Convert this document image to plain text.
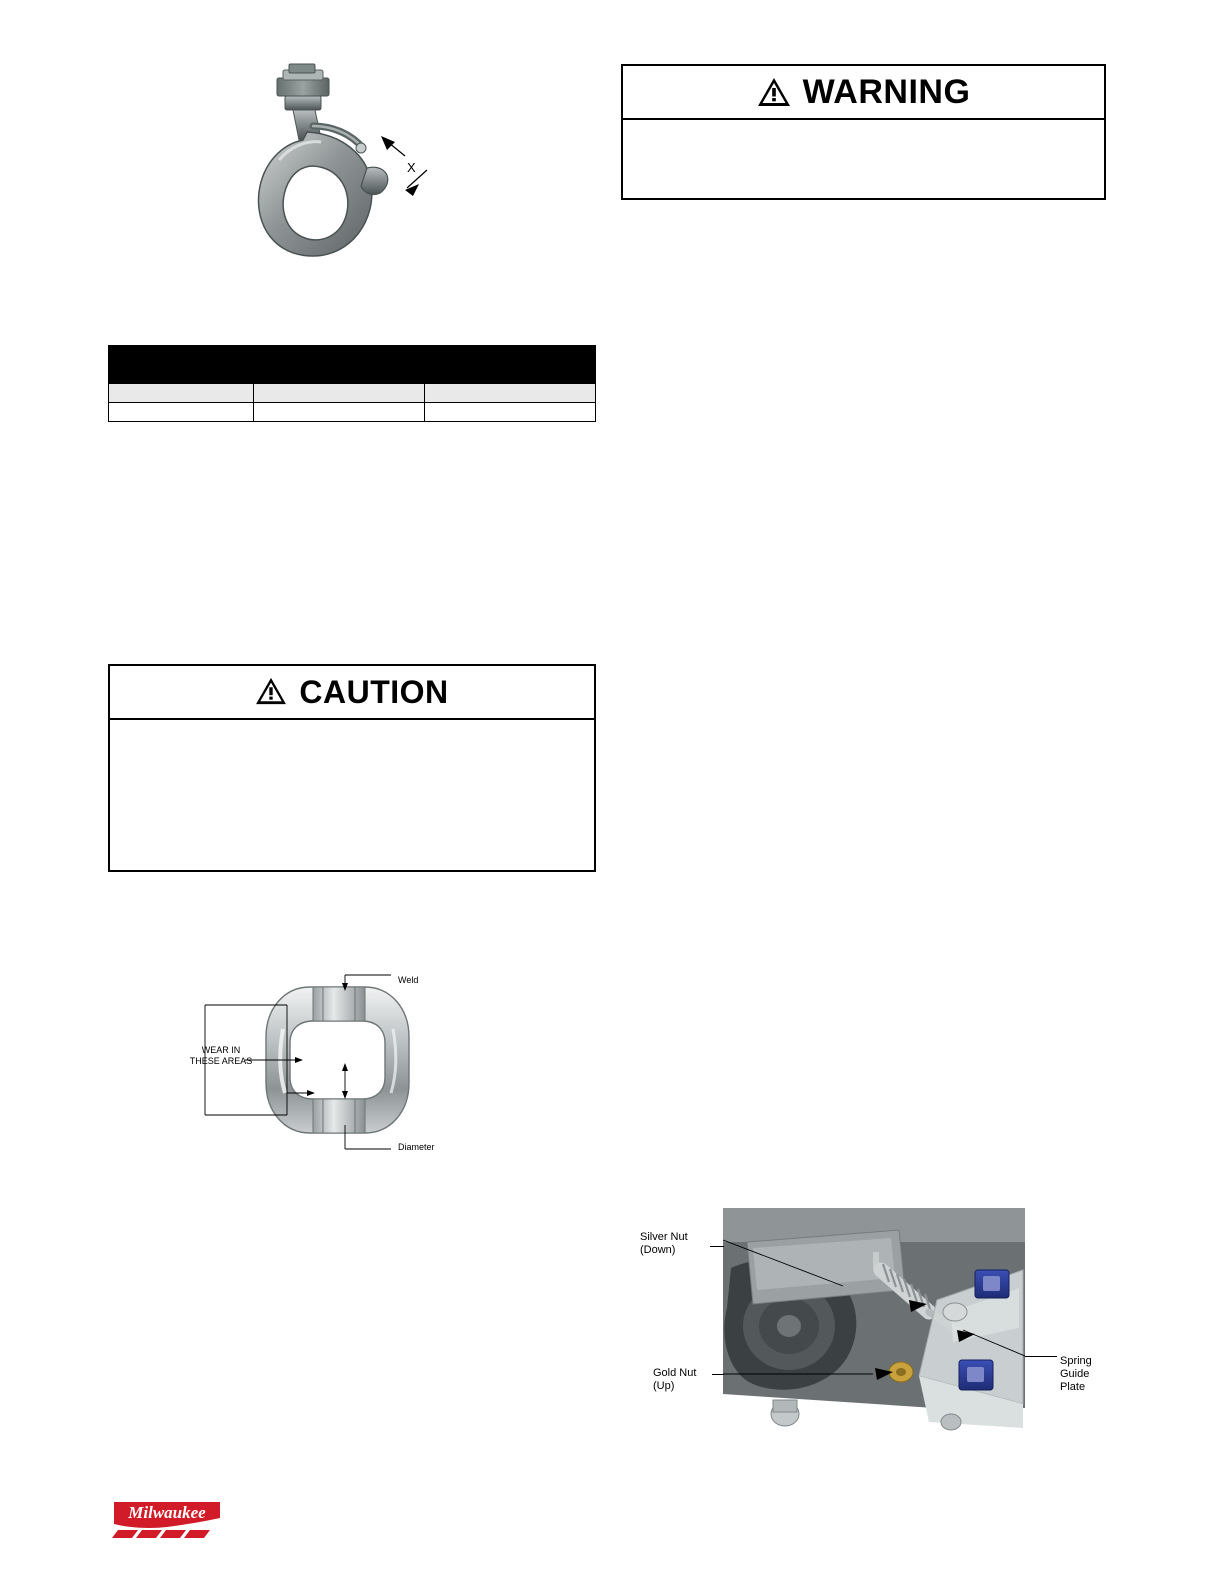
X

WARNING
CAUTION
Weld
Diameter
WEAR IN
THESE AREAS
Silver Nut
(Down)
Gold Nut
(Up)
Spring
Guide
Plate
Milwaukee
